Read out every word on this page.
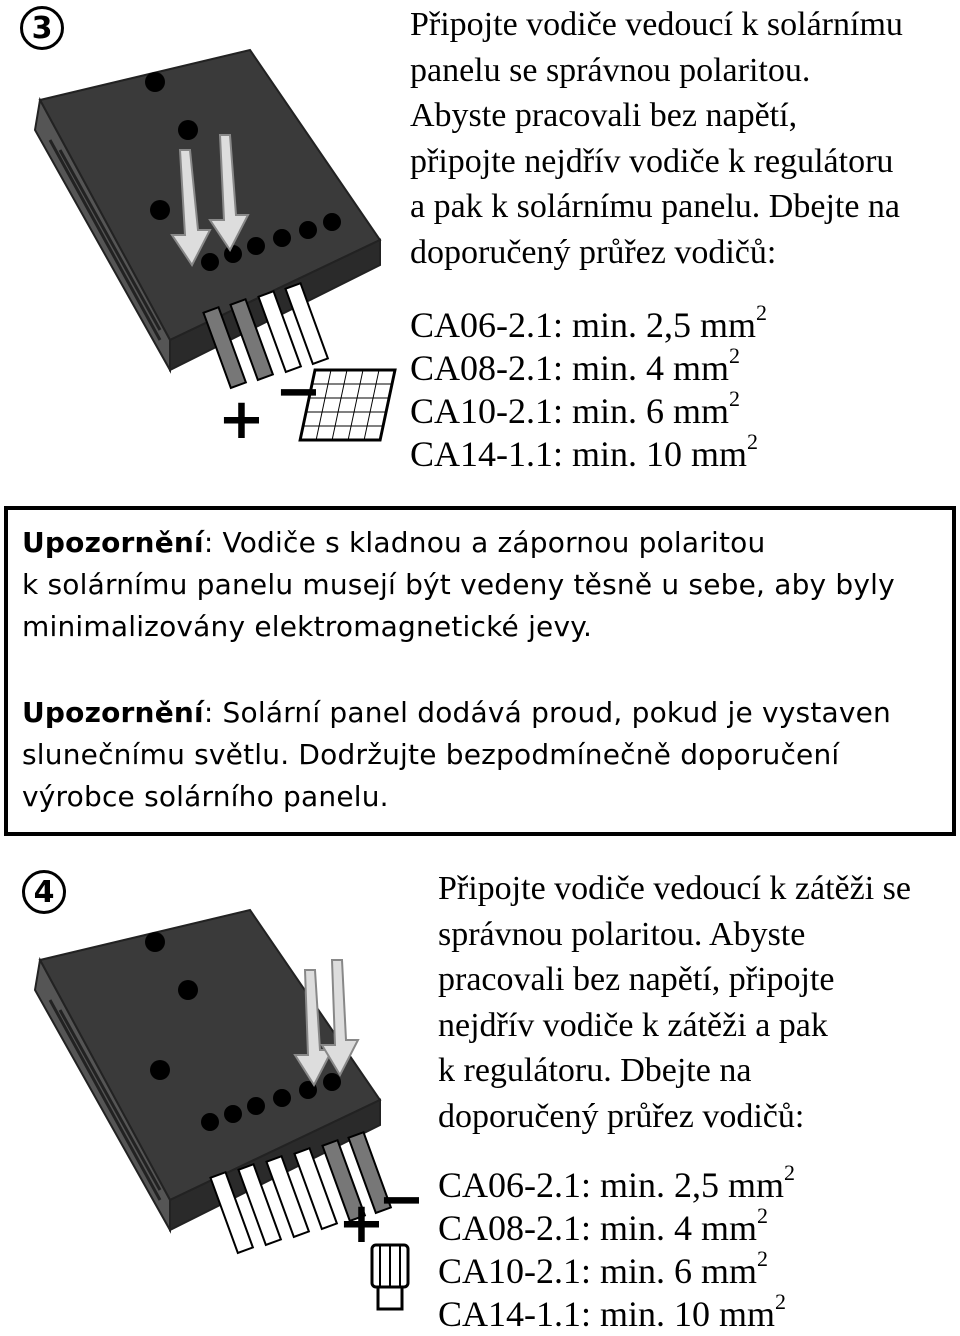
3
+ −
Připojte vodiče vedoucí k solárnímu
panelu se správnou polaritou.
Abyste pracovali bez napětí,
připojte nejdřív vodiče k regulátoru
a pak k solárnímu panelu. Dbejte na
doporučený průřez vodičů:
CA06-2.1: min. 2,5 $mm^2$
CA08-2.1: min. 4 $mm^2$
CA10-2.1: min. 6 $mm^2$
CA14-1.1: min. 10 $mm^2$
Upozornění: Vodiče s kladnou a zápornou polaritou
k solárnímu panelu musejí být vedeny těsně u sebe, aby byly
minimalizovány elektromagnetické jevy.
Upozornění: Solární panel dodává proud, pokud je vystaven
slunečnímu světlu. Dodržujte bezpodmínečně doporučení
výrobce solárního panelu.
4
+
−
Připojte vodiče vedoucí k zátěži se
správnou polaritou. Abyste
pracovali bez napětí, připojte
nejdřív vodiče k zátěži a pak
k regulátoru. Dbejte na
doporučený průřez vodičů:
CA06-2.1: min. 2,5 $mm^2$
CA08-2.1: min. 4 $mm^2$
CA10-2.1: min. 6 $mm^2$
CA14-1.1: min. 10 $mm^2$
